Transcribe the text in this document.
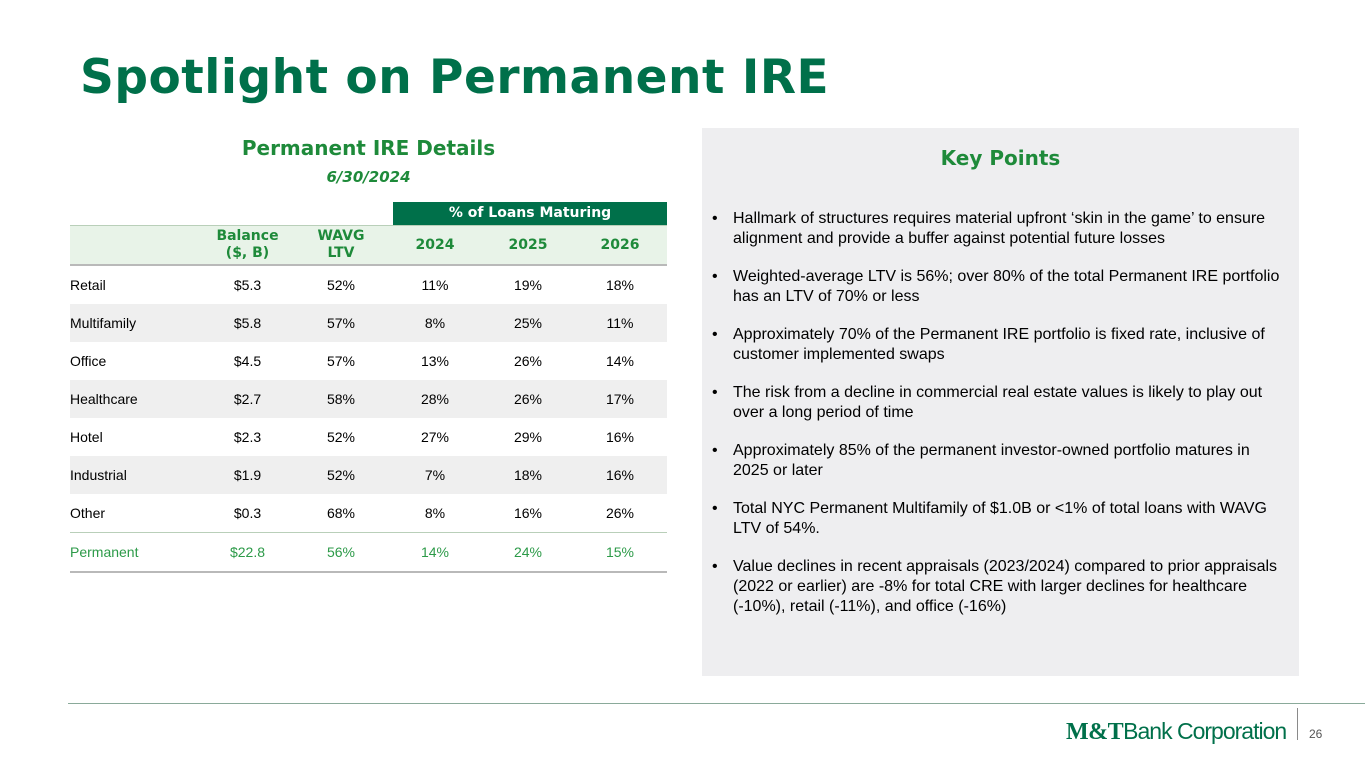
Spotlight on Permanent IRE
Permanent IRE Details
6/30/2024
% of Loans Maturing
	Balance ($, B)	WAVG LTV	2024	2025	2026
Retail	$5.3	52%	11%	19%	18%
Multifamily	$5.8	57%	8%	25%	11%
Office	$4.5	57%	13%	26%	14%
Healthcare	$2.7	58%	28%	26%	17%
Hotel	$2.3	52%	27%	29%	16%
Industrial	$1.9	52%	7%	18%	16%
Other	$0.3	68%	8%	16%	26%
Permanent	$22.8	56%	14%	24%	15%
Key Points
• Hallmark of structures requires material upfront ‘skin in the game’ to ensure alignment and provide a buffer against potential future losses
• Weighted-average LTV is 56%; over 80% of the total Permanent IRE portfolio has an LTV of 70% or less
• Approximately 70% of the Permanent IRE portfolio is fixed rate, inclusive of customer implemented swaps
• The risk from a decline in commercial real estate values is likely to play out over a long period of time
• Approximately 85% of the permanent investor-owned portfolio matures in 2025 or later
• Total NYC Permanent Multifamily of $1.0B or <1% of total loans with WAVG LTV of 54%.
• Value declines in recent appraisals (2023/2024) compared to prior appraisals (2022 or earlier) are -8% for total CRE with larger declines for healthcare (-10%), retail (-11%), and office (-16%)
M&TBank Corporation 26
